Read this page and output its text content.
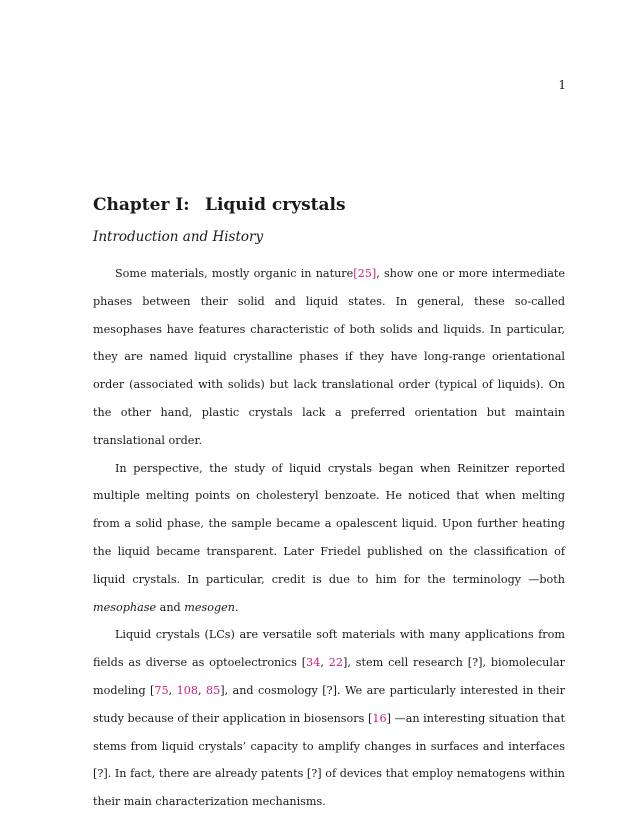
1
Chapter I: Liquid crystals
Introduction and History

Some materials, mostly organic in nature[25], show one or more intermediate phases between their solid and liquid states. In general, these so-called mesophases have features characteristic of both solids and liquids. In particular, they are named liquid crystalline phases if they have long-range orientational order (associated with solids) but lack translational order (typical of liquids). On the other hand, plastic crystals lack a preferred orientation but maintain translational order.

In perspective, the study of liquid crystals began when Reinitzer reported multiple melting points on cholesteryl benzoate. He noticed that when melting from a solid phase, the sample became a opalescent liquid. Upon further heating the liquid became transparent. Later Friedel published on the classification of liquid crystals. In particular, credit is due to him for the terminology —both mesophase and mesogen.

Liquid crystals (LCs) are versatile soft materials with many applications from fields as diverse as optoelectronics [34, 22], stem cell research [?], biomolecular modeling [75, 108, 85], and cosmology [?]. We are particularly interested in their study because of their application in biosensors [16] —an interesting situation that stems from liquid crystals’ capacity to amplify changes in surfaces and interfaces [?]. In fact, there are already patents [?] of devices that employ nematogens within their main characterization mechanisms.
